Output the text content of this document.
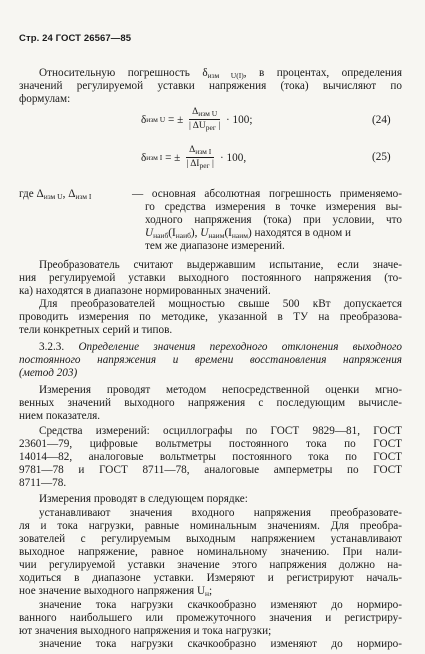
Стр. 24 ГОСТ 26567—85
Относительную погрешность $\delta_{изм U(I)}$, в процентах, определения
значений регулируемой уставки напряжения (тока) вычисляют по
формулам:
δ изм U = ± $\frac{\Delta_{изм U}}{| \Delta U_{рег} |} \cdot 100$;	(24)
δ изм I = ± $\frac{\Delta_{изм I}}{| \Delta I_{рег} |} \cdot 100$,	(25)
где $\Delta_{изм U}$, $\Delta_{изм I}$	— основная абсолютная погрешность применяемо-
го средства измерения в точке измерения вы-
ходного напряжения (тока) при условии, что
$U_{наиб}(I_{наиб})$, $U_{наим}(I_{наим})$ находятся в одном и
тем же диапазоне измерений.
Преобразователь считают выдержавшим испытание, если значе-
ния регулируемой уставки выходного постоянного напряжения (то-
ка) находятся в диапазоне нормированных значений.
Для преобразователей мощностью свыше 500 кВт допускается
проводить измерения по методике, указанной в ТУ на преобразова-
тели конкретных серий и типов.
3.2.3. Определение значения переходного отклонения выходного
постоянного напряжения и времени восстановления напряжения
(метод 203)
Измерения проводят методом непосредственной оценки мгно-
венных значений выходного напряжения с последующим вычисле-
нием показателя.
Средства измерений: осциллографы по ГОСТ 9829—81, ГОСТ
23601—79, цифровые вольтметры постоянного тока по ГОСТ
14014—82, аналоговые вольтметры постоянного тока по ГОСТ
9781—78 и ГОСТ 8711—78, аналоговые амперметры по ГОСТ
8711—78.
Измерения проводят в следующем порядке:
устанавливают значения входного напряжения преобразовате-
ля и тока нагрузки, равные номинальным значениям. Для преобра-
зователей с регулируемым выходным напряжением устанавливают
выходное напряжение, равное номинальному значению. При нали-
чии регулируемой уставки значение этого напряжения должно на-
ходиться в диапазоне уставки. Измеряют и регистрируют началь-
ное значение выходного напряжения $U_н$;
значение тока нагрузки скачкообразно изменяют до нормиро-
ванного наибольшего или промежуточного значения и регистриру-
ют значения выходного напряжения и тока нагрузки;
значение тока нагрузки скачкообразно изменяют до нормиро-
